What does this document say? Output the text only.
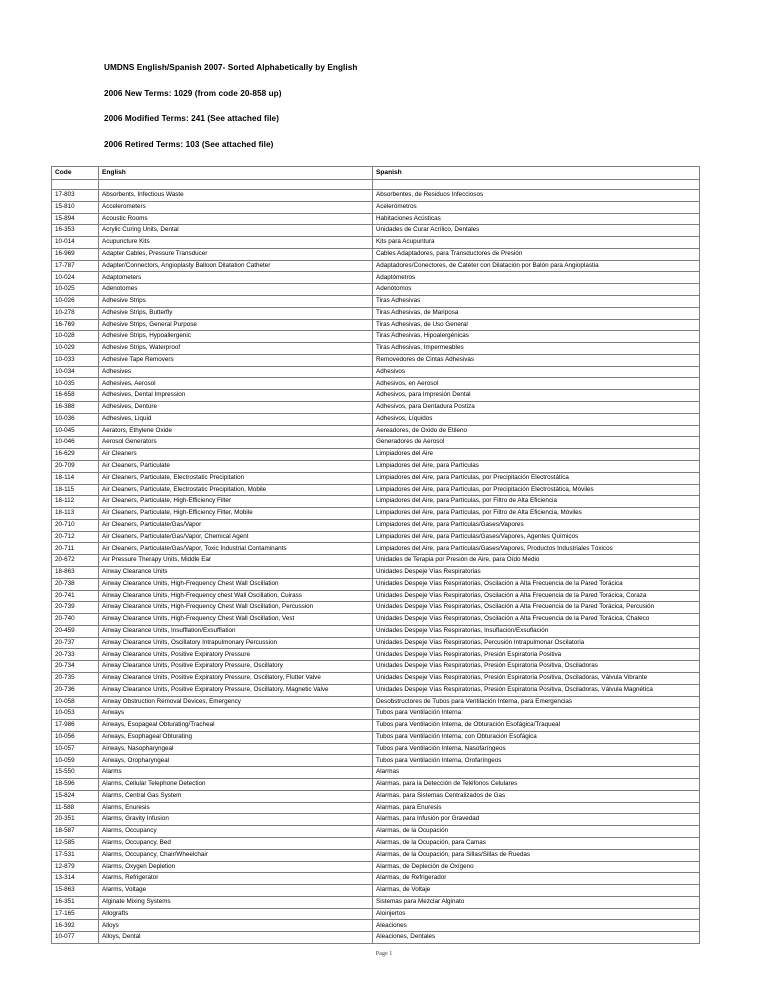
UMDNS English/Spanish 2007- Sorted Alphabetically by English

2006 New Terms: 1029 (from code 20-858 up)

2006 Modified Terms: 241 (See attached file)

2006 Retired Terms: 103 (See attached file)

Code	English	Spanish

17-803	Absorbents, Infectious Waste	Absorbentes, de Residuos Infecciosos
15-810	Accelerometers	Acelerómetros
15-894	Acoustic Rooms	Habitaciones Acústicas
16-353	Acrylic Curing Units, Dental	Unidades de Curar Acrílico, Dentales
10-014	Acupuncture Kits	Kits para Acupuntura
16-969	Adapter Cables, Pressure Transducer	Cables Adaptadores, para Transductores de Presión
17-787	Adapter/Connectors, Angioplasty Balloon Dilatation Catheter	Adaptadores/Conectores, de Catéter con Dilatación por Balón para Angioplastia
10-024	Adaptometers	Adaptómetros
10-025	Adenotomes	Adenótomos
10-026	Adhesive Strips	Tiras Adhesivas
10-278	Adhesive Strips, Butterfly	Tiras Adhesivas, de Mariposa
16-769	Adhesive Strips, General Purpose	Tiras Adhesivas, de Uso General
10-028	Adhesive Strips, Hypoallergenic	Tiras Adhesivas, Hipoalergénicas
10-029	Adhesive Strips, Waterproof	Tiras Adhesivas, Impermeables
10-033	Adhesive Tape Removers	Removedores de Cintas Adhesivas
10-034	Adhesives	Adhesivos
10-035	Adhesives, Aerosol	Adhesivos, en Aerosol
16-658	Adhesives, Dental Impression	Adhesivos, para Impresión Dental
16-388	Adhesives, Denture	Adhesivos, para Dentadura Postiza
10-036	Adhesives, Liquid	Adhesivos, Líquidos
10-045	Aerators, Ethylene Oxide	Aereadores, de Oxido de Etileno
10-046	Aerosol Generators	Generadores de Aerosol
16-629	Air Cleaners	Limpiadores del Aire
20-709	Air Cleaners, Particulate	Limpiadores del Aire, para Partículas
18-114	Air Cleaners, Particulate, Electrostatic Precipitation	Limpiadores del Aire, para Partículas, por Precipitación Electrostática
18-115	Air Cleaners, Particulate, Electrostatic Precipitation, Mobile	Limpiadores del Aire, para Partículas, por Precipitación Electrostática, Móviles
18-112	Air Cleaners, Particulate, High-Efficiency Filter	Limpiadores del Aire, para Partículas, por Filtro de Alta Eficiencia
18-113	Air Cleaners, Particulate, High-Efficiency Filter, Mobile	Limpiadores del Aire, para Partículas, por Filtro de Alta Eficiencia, Móviles
20-710	Air Cleaners, Particulate/Gas/Vapor	Limpiadores del Aire, para Partículas/Gases/Vapores
20-712	Air Cleaners, Particulate/Gas/Vapor, Chemical Agent	Limpiadores del Aire, para Partículas/Gases/Vapores, Agentes Químicos
20-711	Air Cleaners, Particulate/Gas/Vapor, Toxic Industrial Contaminants	Limpiadores del Aire, para Partículas/Gases/Vapores, Productos Industriales Tóxicos
20-672	Air Pressure Therapy Units, Middle Ear	Unidades de Terapia por Presión de Aire, para Oído Medio
18-863	Airway Clearance Units	Unidades Despeje Vías Respiratorias
20-738	Airway Clearance Units, High-Frequency Chest Wall Oscillation	Unidades Despeje Vías Respiratorias, Oscilación a Alta Frecuencia de la Pared Torácica
20-741	Airway Clearance Units, High-Frequency chest Wall Oscillation, Cuirass	Unidades Despeje Vías Respiratorias, Oscilación a Alta Frecuencia de la Pared Torácica, Coraza
20-739	Airway Clearance Units, High-Frequency Chest Wall Oscillation, Percussion	Unidades Despeje Vías Respiratorias, Oscilación a Alta Frecuencia de la Pared Torácica, Percusión
20-740	Airway Clearance Units, High-Frequency Chest Wall Oscillation, Vest	Unidades Despeje Vías Respiratorias, Oscilación a Alta Frecuencia de la Pared Torácica, Chaleco
20-459	Airway Clearance Units, Insufflation/Exsufflation	Unidades Despeje Vías Respiratorias, Insuflación/Exsuflación
20-737	Airway Clearance Units, Oscillatory Intrapulmonary Percussion	Unidades Despeje Vías Respiratorias, Percusión Intrapulmonar Oscilatoria
20-733	Airway Clearance Units, Positive Expiratory Pressure	Unidades Despeje Vías Respiratorias, Presión Espiratoria Positiva
20-734	Airway Clearance Units, Positive Expiratory Pressure, Oscillatory	Unidades Despeje Vías Respiratorias, Presión Espiratoria Positiva, Osciladoras
20-735	Airway Clearance Units, Positive Expiratory Pressure, Oscillatory, Flutter Valve	Unidades Despeje Vías Respiratorias, Presión Espiratoria Positiva, Osciladoras, Válvula Vibrante
20-736	Airway Clearance Units, Positive Expiratory Pressure, Oscillatory, Magnetic Valve	Unidades Despeje Vías Respiratorias, Presión Espiratoria Positiva, Osciladoras, Válvula Magnética
10-058	Airway Obstruction Removal Devices, Emergency	Desobstructores de Tubos para Ventilación Interna, para Emergencias
10-053	Airways	Tubos para Ventilación Interna
17-986	Airways, Esopageal Obturating/Tracheal	Tubos para Ventilación Interna, de Obturación Esofágica/Traqueal
10-056	Airways, Esophageal Obturating	Tubos para Ventilación Interna, con Obturación Esofágica
10-057	Airways, Nasopharyngeal	Tubos para Ventilación Interna, Nasofaríngeos
10-059	Airways, Oropharyngeal	Tubos para Ventilación Interna, Orofaríngeos
15-550	Alarms	Alarmas
18-596	Alarms, Cellular Telephone Detection	Alarmas, para la Detección de Teléfonos Celulares
15-824	Alarms, Central Gas System	Alarmas, para Sistemas Centralizados de Gas
11-588	Alarms, Enuresis	Alarmas, para Enuresis
20-351	Alarms, Gravity Infusion	Alarmas, para Infusión por Gravedad
18-587	Alarms, Occupancy	Alarmas, de la Ocupación
12-585	Alarms, Occupancy, Bed	Alarmas, de la Ocupación, para Camas
17-531	Alarms, Occupancy, Chair/Wheelchair	Alarmas, de la Ocupación, para Sillas/Sillas de Ruedas
12-879	Alarms, Oxygen Depletion	Alarmas, de Depleción de Oxígeno
13-314	Alarms, Refrigerator	Alarmas, de Refrigerador
15-863	Alarms, Voltage	Alarmas, de Voltaje
16-351	Alginate Mixing Systems	Sistemas para Mezclar Alginato
17-165	Allografts	Aloinjertos
16-392	Alloys	Aleaciones
10-077	Alloys, Dental	Aleaciones, Dentales
Page 1
